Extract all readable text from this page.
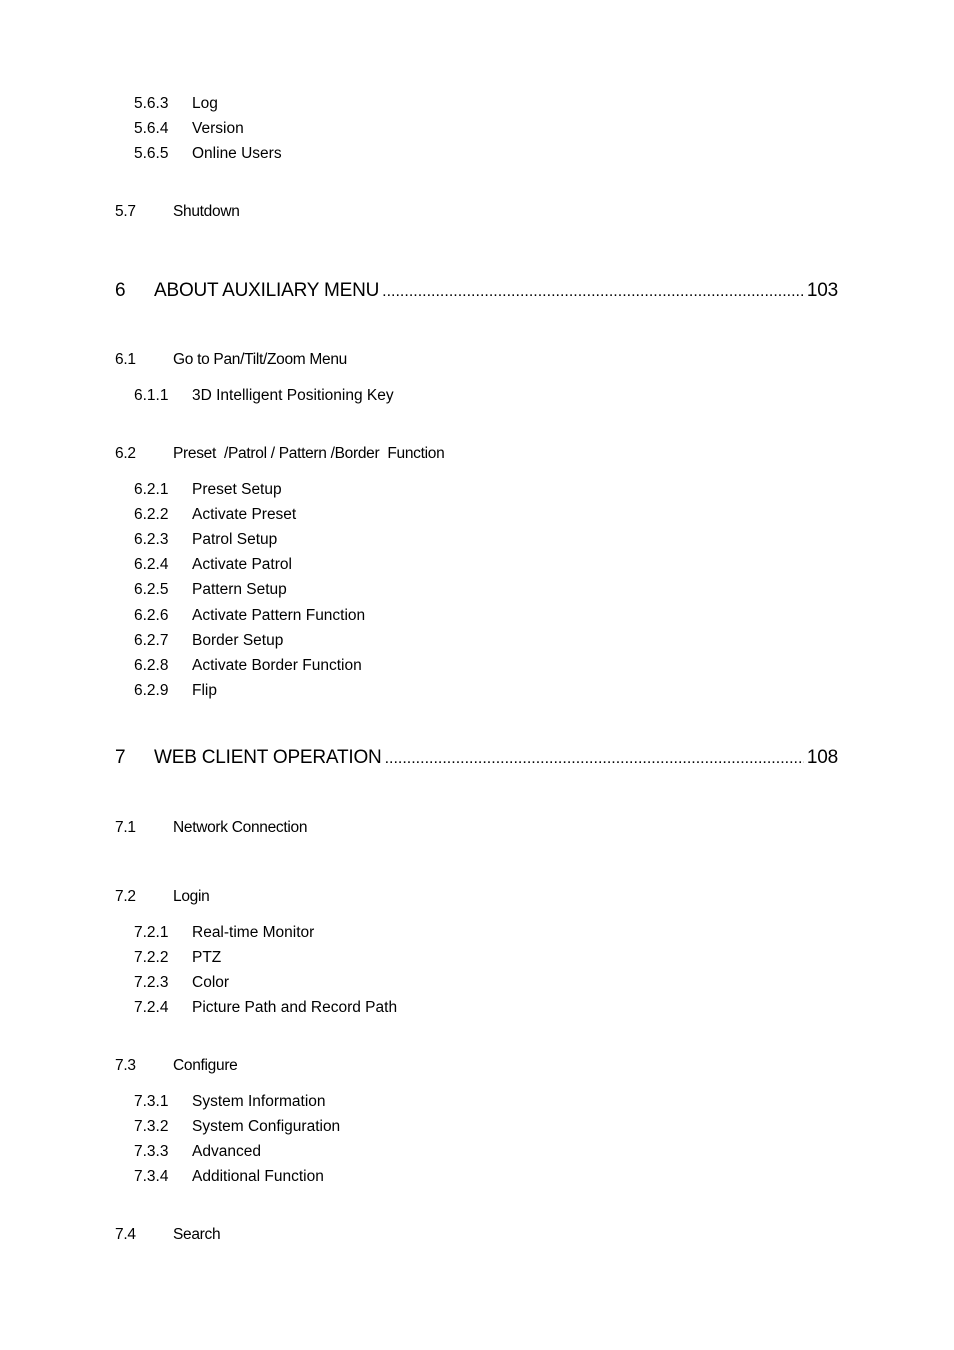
5.6.3 Log
5.6.4 Version
5.6.5 Online Users
5.7 Shutdown
6	ABOUT AUXILIARY MENU .....	103
6.1 Go to Pan/Tilt/Zoom Menu
6.1.1 3D Intelligent Positioning Key
6.2 Preset  /Patrol / Pattern /Border  Function
6.2.1 Preset Setup
6.2.2 Activate Preset
6.2.3 Patrol Setup
6.2.4 Activate Patrol
6.2.5 Pattern Setup
6.2.6 Activate Pattern Function
6.2.7 Border Setup
6.2.8 Activate Border Function
6.2.9 Flip
7	WEB CLIENT OPERATION .....	108
7.1 Network Connection
7.2 Login
7.2.1 Real-time Monitor
7.2.2 PTZ
7.2.3 Color
7.2.4 Picture Path and Record Path
7.3 Configure
7.3.1 System Information
7.3.2 System Configuration
7.3.3 Advanced
7.3.4 Additional Function
7.4 Search
